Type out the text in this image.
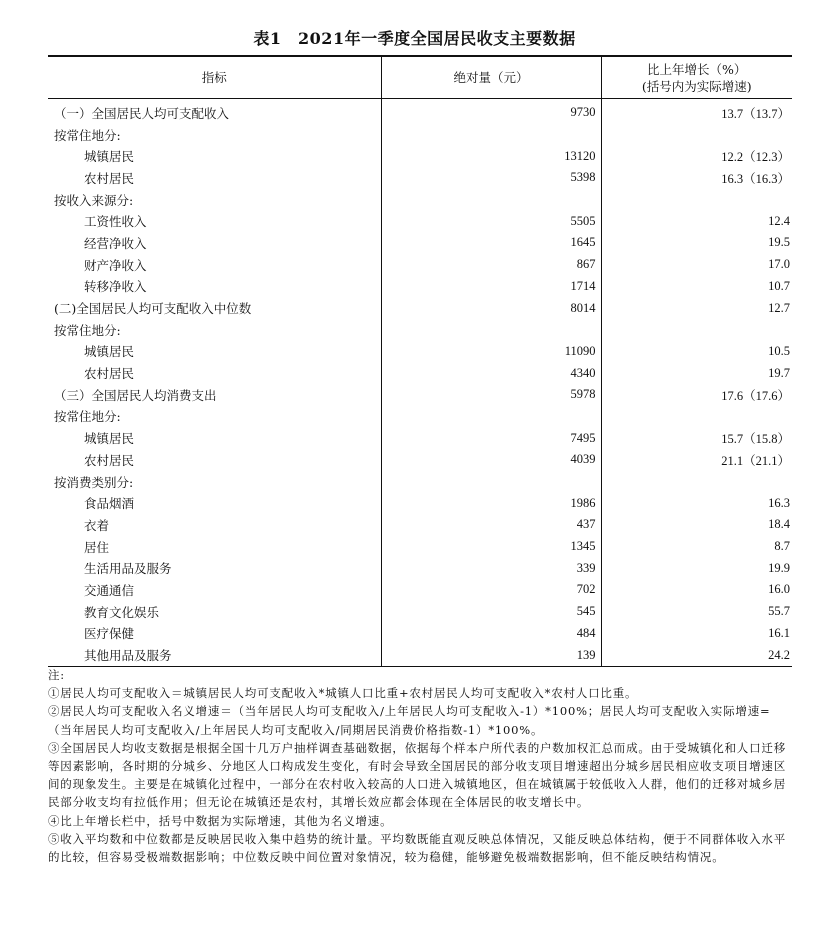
表1　2021年一季度全国居民收支主要数据
指标	绝对量（元）	比上年增长（%）
(括号内为实际增速)

（一）全国居民人均可支配收入	9730	13.7（13.7）
按常住地分:		
城镇居民	13120	12.2（12.3）
农村居民	5398	16.3（16.3）
按收入来源分:		
工资性收入	5505	12.4
经营净收入	1645	19.5
财产净收入	867	17.0
转移净收入	1714	10.7
(二)全国居民人均可支配收入中位数	8014	12.7
按常住地分:		
城镇居民	11090	10.5
农村居民	4340	19.7
（三）全国居民人均消费支出	5978	17.6（17.6）
按常住地分:		
城镇居民	7495	15.7（15.8）
农村居民	4039	21.1（21.1）
按消费类别分:		
食品烟酒	1986	16.3
衣着	437	18.4
居住	1345	8.7
生活用品及服务	339	19.9
交通通信	702	16.0
教育文化娱乐	545	55.7
医疗保健	484	16.1
其他用品及服务	139	24.2

注:

①居民人均可支配收入＝城镇居民人均可支配收入*城镇人口比重+农村居民人均可支配收入*农村人口比重。

②居民人均可支配收入名义增速＝（当年居民人均可支配收入/上年居民人均可支配收入-1）*100%；居民人均可支配收入实际增速=（当年居民人均可支配收入/上年居民人均可支配收入/同期居民消费价格指数-1）*100%。

③全国居民人均收支数据是根据全国十几万户抽样调查基础数据，依据每个样本户所代表的户数加权汇总而成。由于受城镇化和人口迁移等因素影响，各时期的分城乡、分地区人口构成发生变化，有时会导致全国居民的部分收支项目增速超出分城乡居民相应收支项目增速区间的现象发生。主要是在城镇化过程中，一部分在农村收入较高的人口进入城镇地区，但在城镇属于较低收入人群，他们的迁移对城乡居民部分收支均有拉低作用；但无论在城镇还是农村，其增长效应都会体现在全体居民的收支增长中。

④比上年增长栏中，括号中数据为实际增速，其他为名义增速。

⑤收入平均数和中位数都是反映居民收入集中趋势的统计量。平均数既能直观反映总体情况，又能反映总体结构，便于不同群体收入水平的比较，但容易受极端数据影响；中位数反映中间位置对象情况，较为稳健，能够避免极端数据影响，但不能反映结构情况。
